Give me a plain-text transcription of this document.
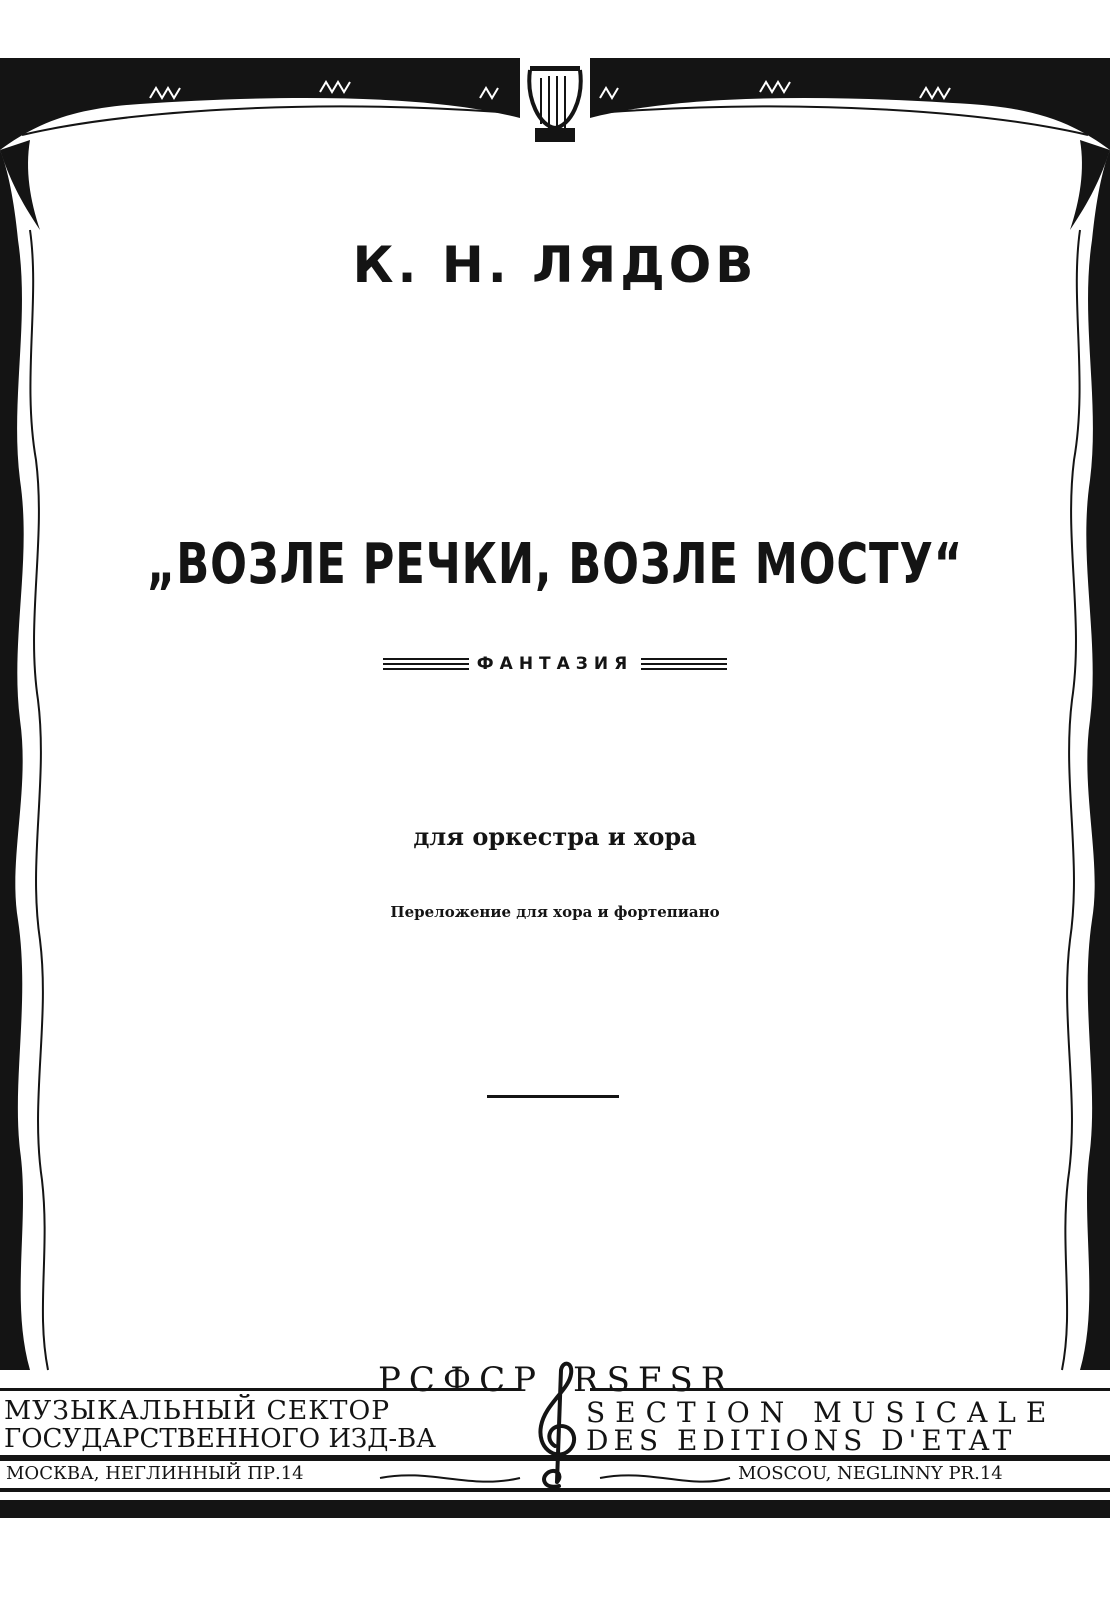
К. Н. ЛЯДОВ
„ВОЗЛЕ РЕЧКИ, ВОЗЛЕ МОСТУ“
ФАНТАЗИЯ
для оркестра и хора
Переложение для хора и фортепиано
РСФСР RSFSR
МУЗЫКАЛЬНЫЙ СЕКТОР
ГОСУДАРСТВЕННОГО ИЗД-ВА
SECTION MUSICALE
DES EDITIONS D'ETAT
МОСКВА, НЕГЛИННЫЙ ПР.14	MOSCOU, NEGLINNY PR.14
